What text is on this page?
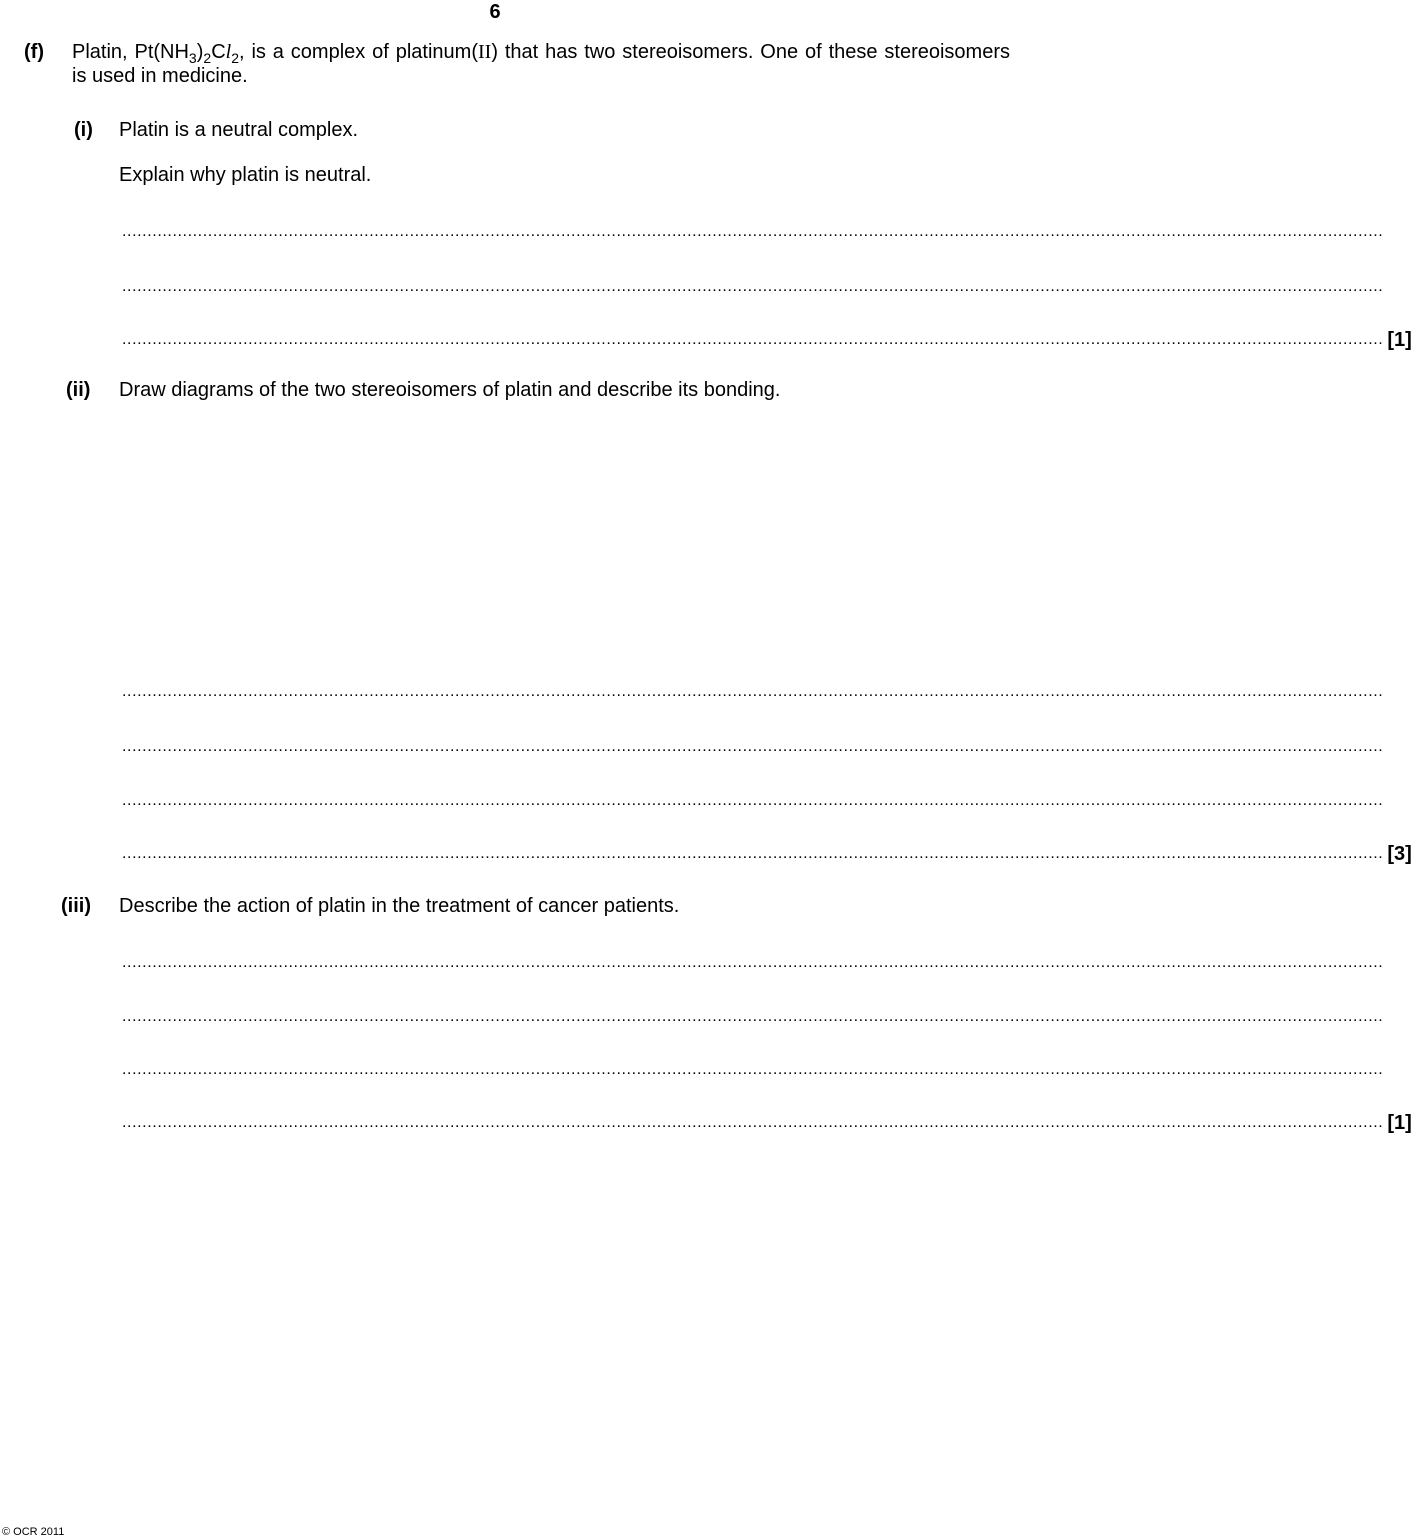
6
(f) Platin, $Pt(NH_3)_2Cl_2$, is a complex of platinum(II) that has two stereoisomers. One of these stereoisomers is used in medicine.
(i) Platin is a neutral complex.
Explain why platin is neutral.
..........................................................................................................................................................................................................................................................
..........................................................................................................................................................................................................................................................
.......................................................................................................................................................................................................................................................... [1]
(ii) Draw diagrams of the two stereoisomers of platin and describe its bonding.
..........................................................................................................................................................................................................................................................
..........................................................................................................................................................................................................................................................
..........................................................................................................................................................................................................................................................
.......................................................................................................................................................................................................................................................... [3]
(iii) Describe the action of platin in the treatment of cancer patients.
..........................................................................................................................................................................................................................................................
..........................................................................................................................................................................................................................................................
..........................................................................................................................................................................................................................................................
.......................................................................................................................................................................................................................................................... [1]
© OCR 2011
